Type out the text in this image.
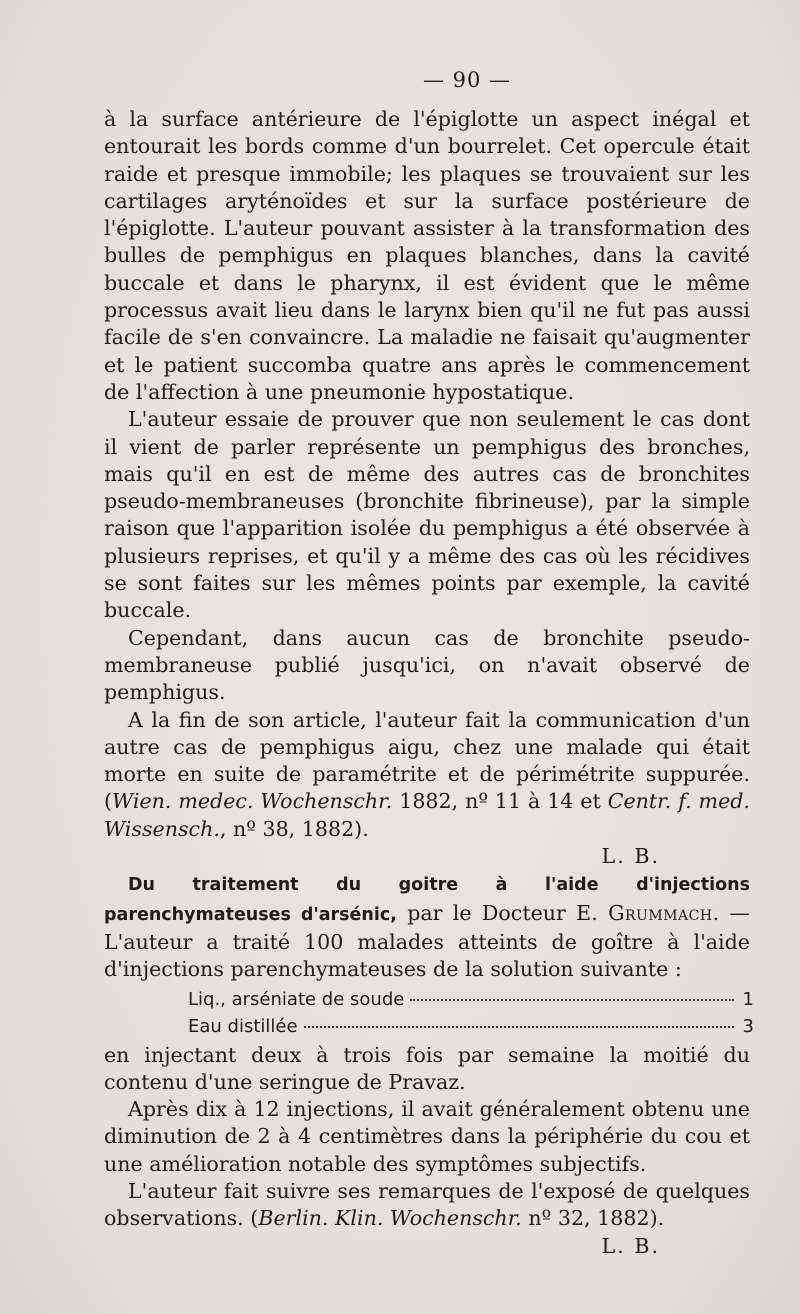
— 90 —

à la surface antérieure de l'épiglotte un aspect inégal et entourait les bords comme d'un bourrelet. Cet opercule était raide et presque immobile; les plaques se trouvaient sur les cartilages aryténoïdes et sur la surface postérieure de l'épiglotte. L'auteur pouvant assister à la transformation des bulles de pemphigus en plaques blanches, dans la cavité buccale et dans le pharynx, il est évident que le même processus avait lieu dans le larynx bien qu'il ne fut pas aussi facile de s'en convaincre. La maladie ne faisait qu'augmenter et le patient succomba quatre ans après le commencement de l'affection à une pneumonie hypostatique.

L'auteur essaie de prouver que non seulement le cas dont il vient de parler représente un pemphigus des bronches, mais qu'il en est de même des autres cas de bronchites pseudo-membraneuses (bronchite fibrineuse), par la simple raison que l'apparition isolée du pemphigus a été observée à plusieurs reprises, et qu'il y a même des cas où les récidives se sont faites sur les mêmes points par exemple, la cavité buccale.

Cependant, dans aucun cas de bronchite pseudo-membraneuse publié jusqu'ici, on n'avait observé de pemphigus.

A la fin de son article, l'auteur fait la communication d'un autre cas de pemphigus aigu, chez une malade qui était morte en suite de paramétrite et de périmétrite suppurée. (Wien. medec. Wochenschr. 1882, nº 11 à 14 et Centr. f. med. Wissensch., nº 38, 1882).

L. B.

Du traitement du goitre à l'aide d'injections parenchymateuses d'arsénic, par le Docteur E. Grummach. — L'auteur a traité 100 malades atteints de goître à l'aide d'injections parenchymateuses de la solution suivante :

Liq., arséniate de soude	1
Eau distillée	3

en injectant deux à trois fois par semaine la moitié du contenu d'une seringue de Pravaz.

Après dix à 12 injections, il avait généralement obtenu une diminution de 2 à 4 centimètres dans la périphérie du cou et une amélioration notable des symptômes subjectifs.

L'auteur fait suivre ses remarques de l'exposé de quelques observations. (Berlin. Klin. Wochenschr. nº 32, 1882).

L. B.
